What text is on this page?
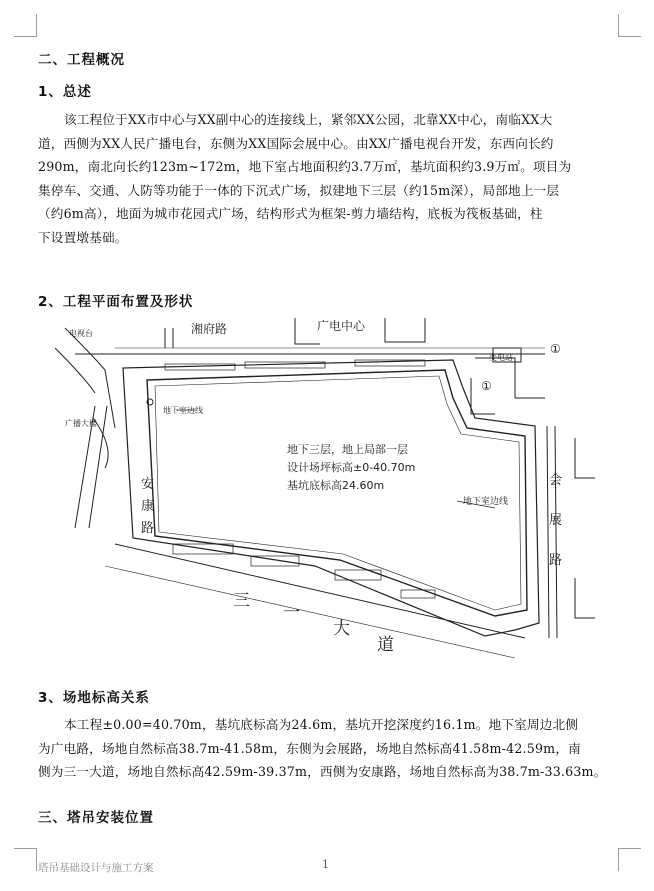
二、工程概况
1、总述
该工程位于XX市中心与XX副中心的连接线上，紧邻XX公园，北靠XX中心，南临XX大
道，西侧为XX人民广播电台，东侧为XX国际会展中心。由XX广播电视台开发，东西向长约
290m，南北向长约123m~172m，地下室占地面积约3.7万㎡，基坑面积约3.9万㎡。项目为
集停车、交通、人防等功能于一体的下沉式广场，拟建地下三层（约15m深），局部地上一层
（约6m高），地面为城市花园式广场，结构形式为框架-剪力墙结构，底板为筏板基础，柱
下设置墩基础。
2、工程平面布置及形状
湘府路	广电中心
电视台
广播大楼
地下室边线
变电站
地下室边线
地下三层，地上局部一层
设计场坪标高±0-40.70m
基坑底标高24.60m
①
①
安
康
路
会
展
路
三
一
大
道
3、场地标高关系
本工程±0.00=40.70m，基坑底标高为24.6m，基坑开挖深度约16.1m。地下室周边北侧
为广电路，场地自然标高38.7m-41.58m，东侧为会展路，场地自然标高41.58m-42.59m，南
侧为三一大道，场地自然标高42.59m-39.37m，西侧为安康路，场地自然标高为38.7m-33.63m。
三、塔吊安装位置
塔吊基础设计与施工方案	1
